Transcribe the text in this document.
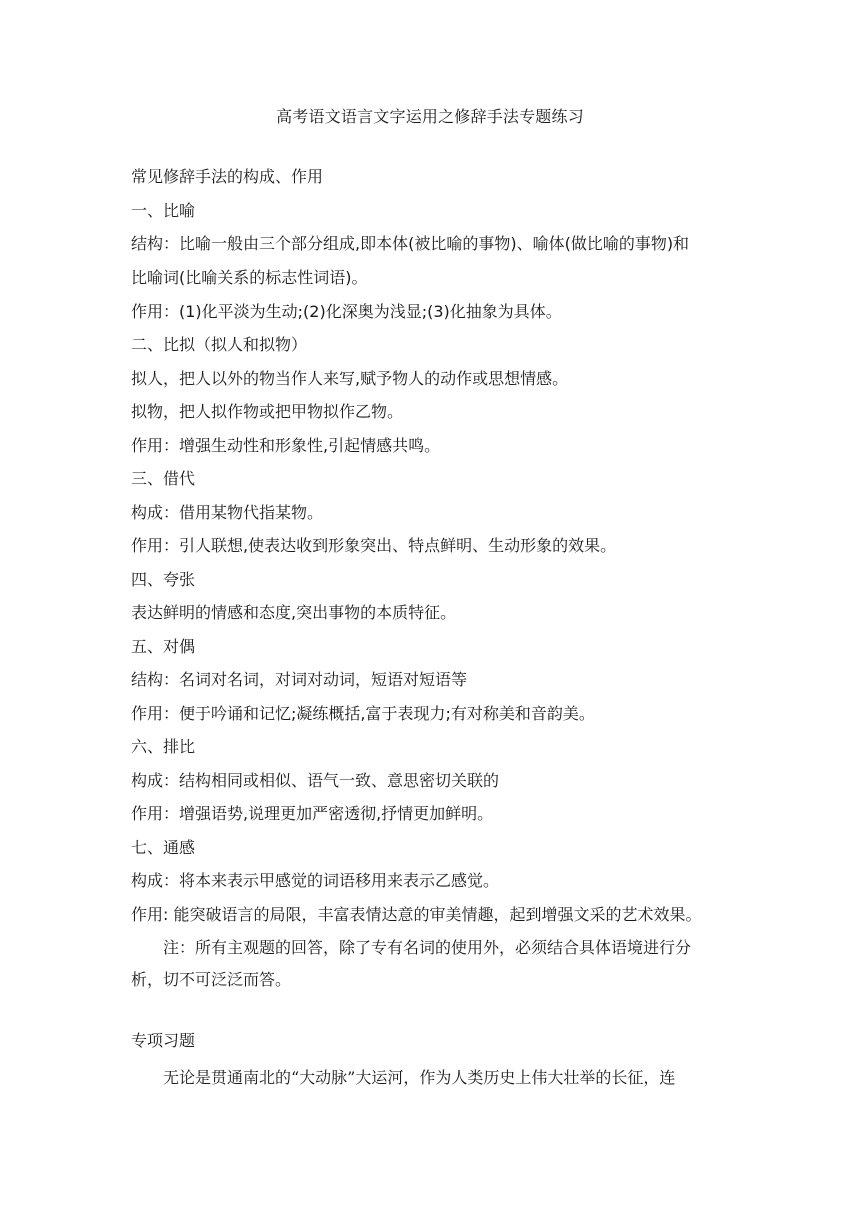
高考语文语言文字运用之修辞手法专题练习
常见修辞手法的构成、作用
一、比喻
结构：比喻一般由三个部分组成,即本体(被比喻的事物)、喻体(做比喻的事物)和
比喻词(比喻关系的标志性词语)。
作用：(1)化平淡为生动;(2)化深奥为浅显;(3)化抽象为具体。
二、比拟（拟人和拟物）
拟人，把人以外的物当作人来写,赋予物人的动作或思想情感。
拟物，把人拟作物或把甲物拟作乙物。
作用：增强生动性和形象性,引起情感共鸣。
三、借代
构成：借用某物代指某物。
作用：引人联想,使表达收到形象突出、特点鲜明、生动形象的效果。
四、夸张
表达鲜明的情感和态度,突出事物的本质特征。
五、对偶
结构：名词对名词，对词对动词，短语对短语等
作用：便于吟诵和记忆;凝练概括,富于表现力;有对称美和音韵美。
六、排比
构成：结构相同或相似、语气一致、意思密切关联的
作用：增强语势,说理更加严密透彻,抒情更加鲜明。
七、通感
构成：将本来表示甲感觉的词语移用来表示乙感觉。
作用: 能突破语言的局限，丰富表情达意的审美情趣，起到增强文采的艺术效果。
注：所有主观题的回答，除了专有名词的使用外，必须结合具体语境进行分
析，切不可泛泛而答。
专项习题
无论是贯通南北的“大动脉”大运河，作为人类历史上伟大壮举的长征，连
